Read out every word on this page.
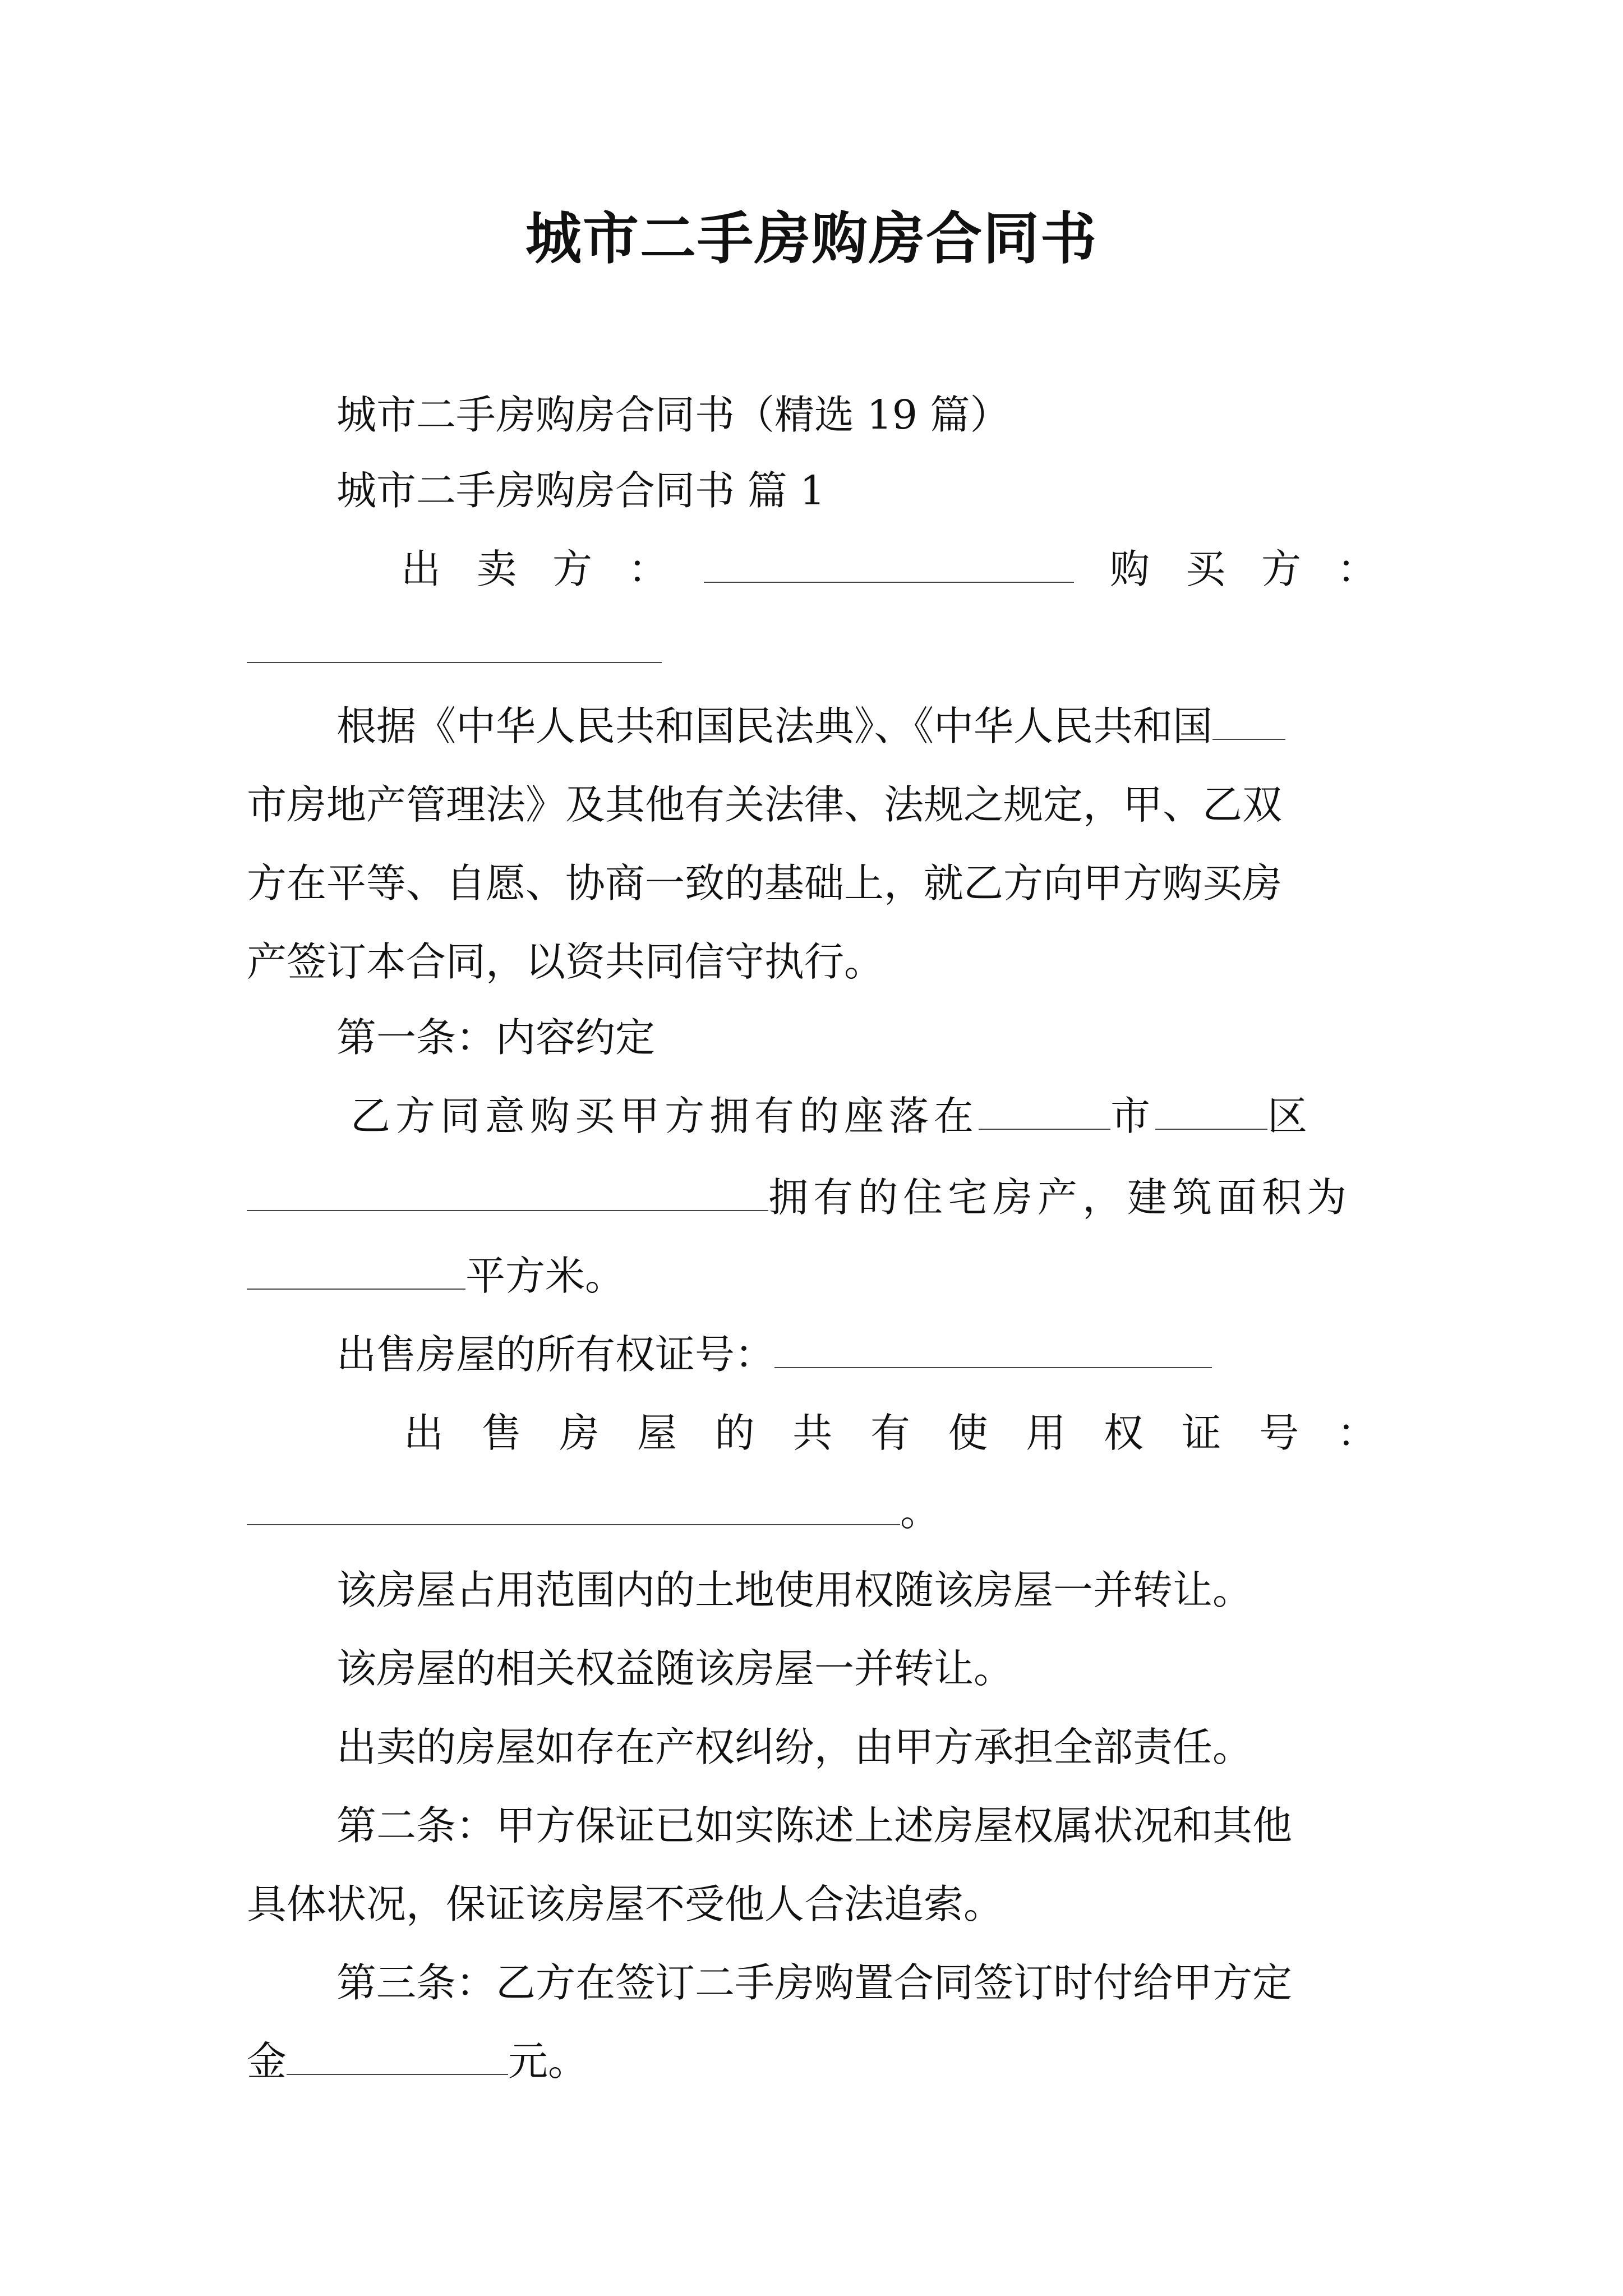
城市二手房购房合同书
城市二手房购房合同书（精选 19 篇）
城市二手房购房合同书 篇 1
出 卖 方 ：	购 买 方 ：
根据《中华人民共和国民法典》、《中华人民共和国
市房地产管理法》及其他有关法律、法规之规定，甲、乙双
方在平等、自愿、协商一致的基础上，就乙方向甲方购买房
产签订本合同，以资共同信守执行。
第一条：内容约定
乙方同意购买甲方拥有的座落在	市	区
拥有的住宅房产，建筑面积为
平方米。
出售房屋的所有权证号：
出 售 房 屋 的 共 有 使 用 权 证 号 ：
。
该房屋占用范围内的土地使用权随该房屋一并转让。
该房屋的相关权益随该房屋一并转让。
出卖的房屋如存在产权纠纷，由甲方承担全部责任。
第二条：甲方保证已如实陈述上述房屋权属状况和其他
具体状况，保证该房屋不受他人合法追索。
第三条：乙方在签订二手房购置合同签订时付给甲方定
金	元。
